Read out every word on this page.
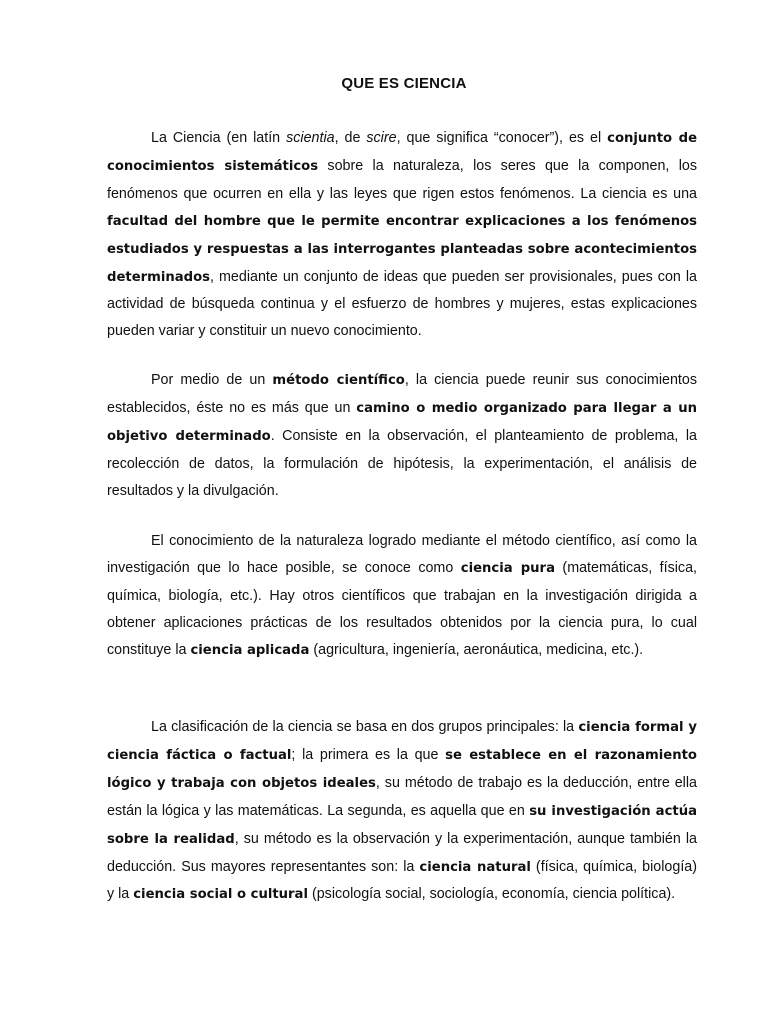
QUE ES CIENCIA

La Ciencia (en latín scientia, de scire, que significa “conocer”), es el conjunto de conocimientos sistemáticos sobre la naturaleza, los seres que la componen, los fenómenos que ocurren en ella y las leyes que rigen estos fenómenos. La ciencia es una facultad del hombre que le permite encontrar explicaciones a los fenómenos estudiados y respuestas a las interrogantes planteadas sobre acontecimientos determinados, mediante un conjunto de ideas que pueden ser provisionales, pues con la actividad de búsqueda continua y el esfuerzo de hombres y mujeres, estas explicaciones pueden variar y constituir un nuevo conocimiento.

Por medio de un método científico, la ciencia puede reunir sus conocimientos establecidos, éste no es más que un camino o medio organizado para llegar a un objetivo determinado. Consiste en la observación, el planteamiento de problema, la recolección de datos, la formulación de hipótesis, la experimentación, el análisis de resultados y la divulgación.

El conocimiento de la naturaleza logrado mediante el método científico, así como la investigación que lo hace posible, se conoce como ciencia pura (matemáticas, física, química, biología, etc.). Hay otros científicos que trabajan en la investigación dirigida a obtener aplicaciones prácticas de los resultados obtenidos por la ciencia pura, lo cual constituye la ciencia aplicada (agricultura, ingeniería, aeronáutica, medicina, etc.).

La clasificación de la ciencia se basa en dos grupos principales: la ciencia formal y ciencia fáctica o factual; la primera es la que se establece en el razonamiento lógico y trabaja con objetos ideales, su método de trabajo es la deducción, entre ella están la lógica y las matemáticas. La segunda, es aquella que en su investigación actúa sobre la realidad, su método es la observación y la experimentación, aunque también la deducción. Sus mayores representantes son: la ciencia natural (física, química, biología) y la ciencia social o cultural (psicología social, sociología, economía, ciencia política).
